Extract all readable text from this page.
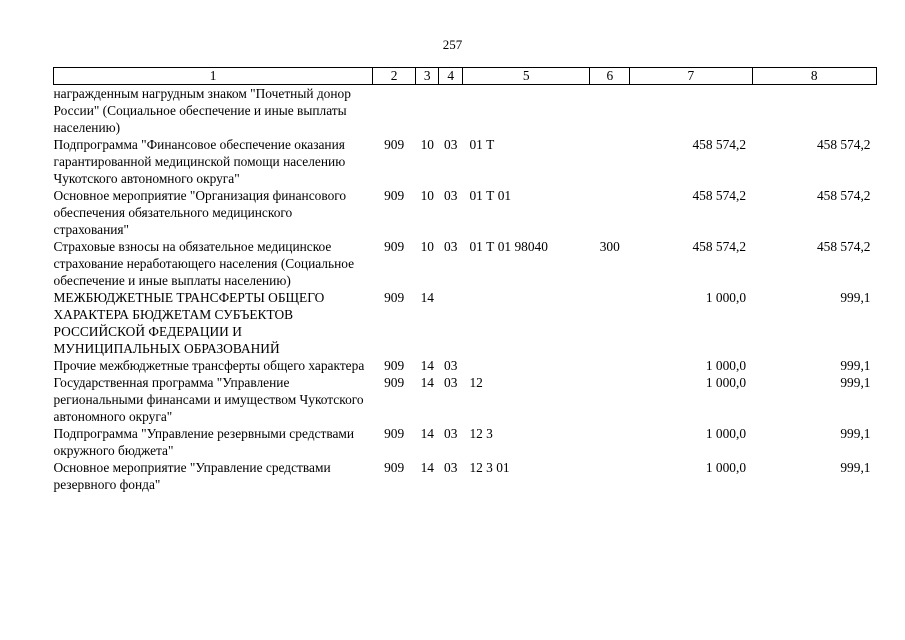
257
1	2	3	4	5	6	7	8
награжденным нагрудным знаком "Почетный донор России" (Социальное обеспечение и иные выплаты населению)							
Подпрограмма "Финансовое обеспечение оказания гарантированной медицинской помощи населению Чукотского автономного округа"	909	10	03	01 Т		458 574,2	458 574,2
Основное мероприятие "Организация финансового обеспечения обязательного медицинского страхования"	909	10	03	01 Т 01		458 574,2	458 574,2
Страховые взносы на обязательное медицинское страхование неработающего населения (Социальное обеспечение и иные выплаты населению)	909	10	03	01 Т 01 98040	300	458 574,2	458 574,2
МЕЖБЮДЖЕТНЫЕ ТРАНСФЕРТЫ ОБЩЕГО ХАРАКТЕРА БЮДЖЕТАМ СУБЪЕКТОВ РОССИЙСКОЙ ФЕДЕРАЦИИ И МУНИЦИПАЛЬНЫХ ОБРАЗОВАНИЙ	909	14				1 000,0	999,1
Прочие межбюджетные трансферты общего характера	909	14	03			1 000,0	999,1
Государственная программа "Управление региональными финансами и имуществом Чукотского автономного округа"	909	14	03	12		1 000,0	999,1
Подпрограмма "Управление резервными средствами окружного бюджета"	909	14	03	12 3		1 000,0	999,1
Основное мероприятие "Управление средствами резервного фонда"	909	14	03	12 3 01		1 000,0	999,1
